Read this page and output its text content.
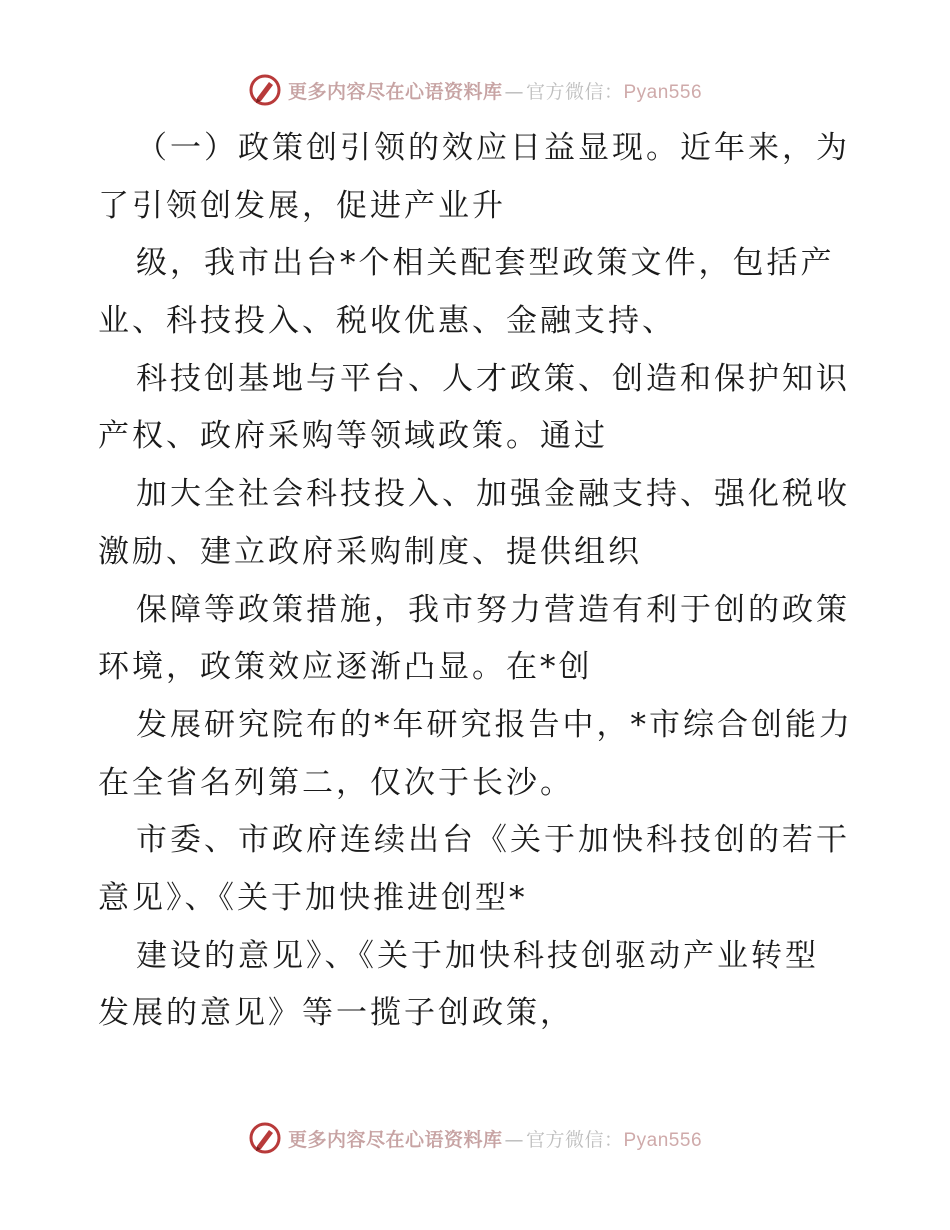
更多内容尽在心语资料库 — 官方微信：Pyan556
（一）政策创引领的效应日益显现。近年来，为
了引领创发展，促进产业升
级，我市出台*个相关配套型政策文件，包括产
业、科技投入、税收优惠、金融支持、
科技创基地与平台、人才政策、创造和保护知识
产权、政府采购等领域政策。通过
加大全社会科技投入、加强金融支持、强化税收
激励、建立政府采购制度、提供组织
保障等政策措施，我市努力营造有利于创的政策
环境，政策效应逐渐凸显。在*创
发展研究院布的*年研究报告中，*市综合创能力
在全省名列第二，仅次于长沙。
市委、市政府连续出台《关于加快科技创的若干
意见》、《关于加快推进创型*
建设的意见》、《关于加快科技创驱动产业转型
发展的意见》等一揽子创政策，
更多内容尽在心语资料库 — 官方微信：Pyan556
